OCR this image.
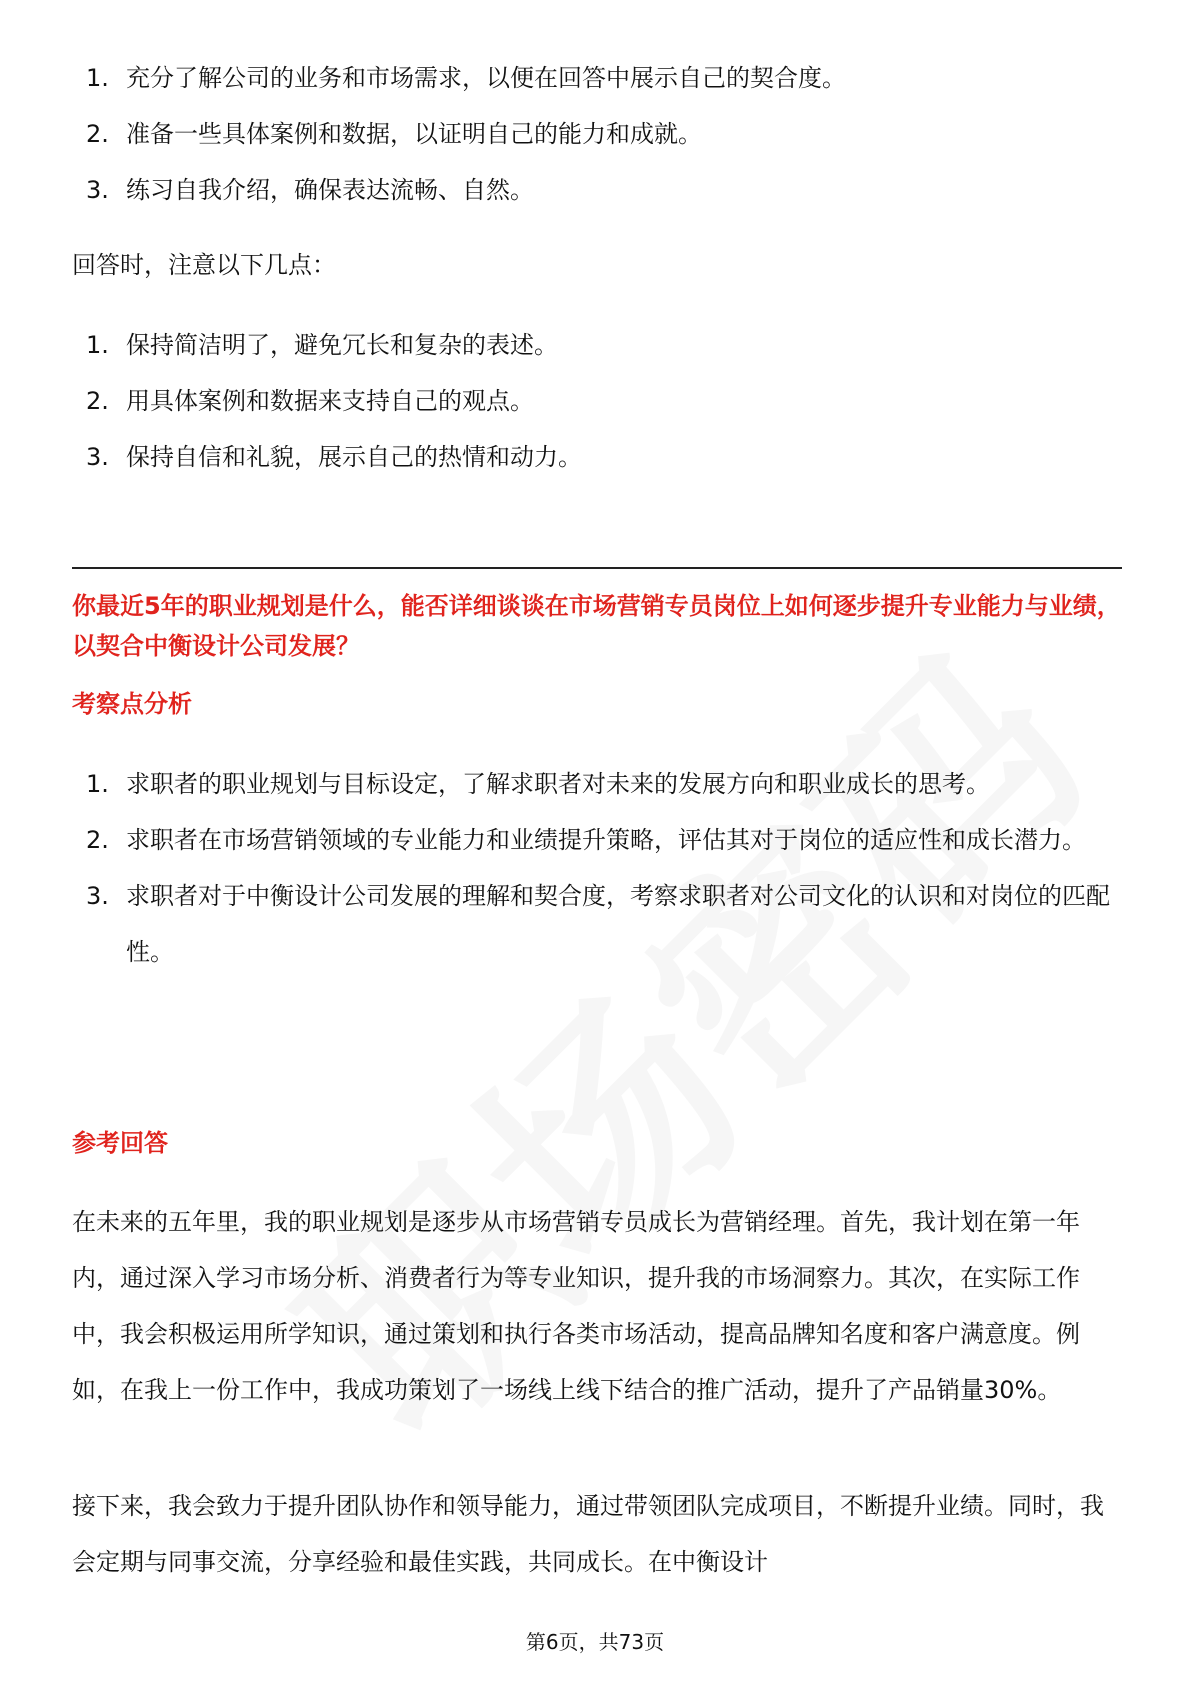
1. 充分了解公司的业务和市场需求，以便在回答中展示自己的契合度。
2. 准备一些具体案例和数据，以证明自己的能力和成就。
3. 练习自我介绍，确保表达流畅、自然。

回答时，注意以下几点：

1. 保持简洁明了，避免冗长和复杂的表述。
2. 用具体案例和数据来支持自己的观点。
3. 保持自信和礼貌，展示自己的热情和动力。

你最近5年的职业规划是什么，能否详细谈谈在市场营销专员岗位上如何逐步提升专业能力与业绩，以契合中衡设计公司发展？

考察点分析
1. 求职者的职业规划与目标设定，了解求职者对未来的发展方向和职业成长的思考。
2. 求职者在市场营销领域的专业能力和业绩提升策略，评估其对于岗位的适应性和成长潜力。
3. 求职者对于中衡设计公司发展的理解和契合度，考察求职者对公司文化的认识和对岗位的匹配性。
参考回答

在未来的五年里，我的职业规划是逐步从市场营销专员成长为营销经理。首先，我计划在第一年内，通过深入学习市场分析、消费者行为等专业知识，提升我的市场洞察力。其次，在实际工作中，我会积极运用所学知识，通过策划和执行各类市场活动，提高品牌知名度和客户满意度。例如，在我上一份工作中，我成功策划了一场线上线下结合的推广活动，提升了产品销量30%。

接下来，我会致力于提升团队协作和领导能力，通过带领团队完成项目，不断提升业绩。同时，我会定期与同事交流，分享经验和最佳实践，共同成长。在中衡设计

第6页，共73页
